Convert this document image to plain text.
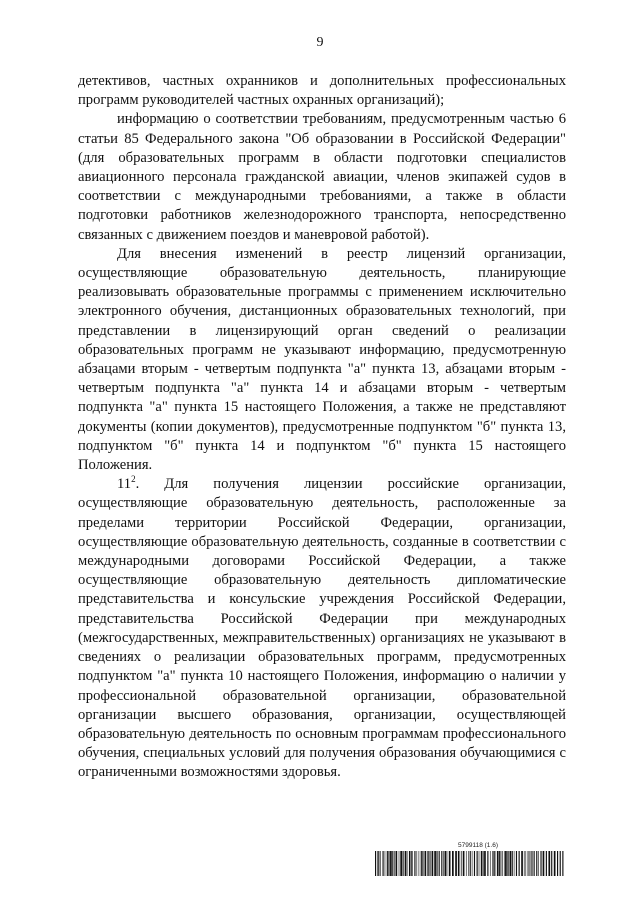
9

детективов, частных охранников и дополнительных профессиональных программ руководителей частных охранных организаций);

информацию о соответствии требованиям, предусмотренным частью 6 статьи 85 Федерального закона "Об образовании в Российской Федерации" (для образовательных программ в области подготовки специалистов авиационного персонала гражданской авиации, членов экипажей судов в соответствии с международными требованиями, а также в области подготовки работников железнодорожного транспорта, непосредственно связанных с движением поездов и маневровой работой).

Для внесения изменений в реестр лицензий организации, осуществляющие образовательную деятельность, планирующие реализовывать образовательные программы с применением исключительно электронного обучения, дистанционных образовательных технологий, при представлении в лицензирующий орган сведений о реализации образовательных программ не указывают информацию, предусмотренную абзацами вторым - четвертым подпункта "а" пункта 13, абзацами вторым - четвертым подпункта "а" пункта 14 и абзацами вторым - четвертым подпункта "а" пункта 15 настоящего Положения, а также не представляют документы (копии документов), предусмотренные подпунктом "б" пункта 13, подпунктом "б" пункта 14 и подпунктом "б" пункта 15 настоящего Положения.

$11^2$. Для получения лицензии российские организации, осуществляющие образовательную деятельность, расположенные за пределами территории Российской Федерации, организации, осуществляющие образовательную деятельность, созданные в соответствии с международными договорами Российской Федерации, а также осуществляющие образовательную деятельность дипломатические представительства и консульские учреждения Российской Федерации, представительства Российской Федерации при международных (межгосударственных, межправительственных) организациях не указывают в сведениях о реализации образовательных программ, предусмотренных подпунктом "а" пункта 10 настоящего Положения, информацию о наличии у профессиональной образовательной организации, образовательной организации высшего образования, организации, осуществляющей образовательную деятельность по основным программам профессионального обучения, специальных условий для получения образования обучающимися с ограниченными возможностями здоровья.

5799118 (1.6)
